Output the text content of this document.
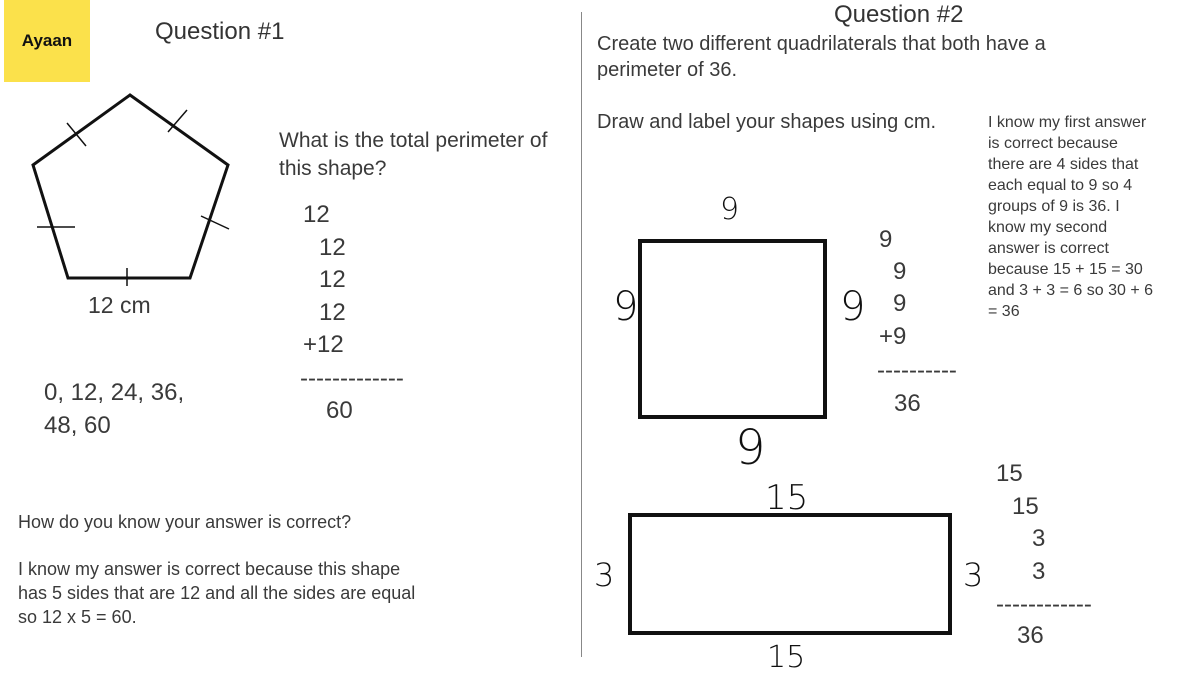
Ayaan	Question #1
12 cm
What is the total perimeter of this shape?
12
12
12
12
+12
-------------
60
0, 12, 24, 36,
48, 60
How do you know your answer is correct?
I know my answer is correct because this shape
has 5 sides that are 12 and all the sides are equal
so 12 x 5 = 60.
Question #2
Create two different quadrilaterals that both have a
perimeter of 36.
Draw and label your shapes using cm.	I know my first answer
is correct because
there are 4 sides that
each equal to 9 so 4
groups of 9 is 36. I
know my second
answer is correct
because 15 + 15 = 30
and 3 + 3 = 6 so 30 + 6
= 36
9
9	9
9
9
9
9
+9
----------
36
15
3	3
15
15
15
3
3
------------
36
